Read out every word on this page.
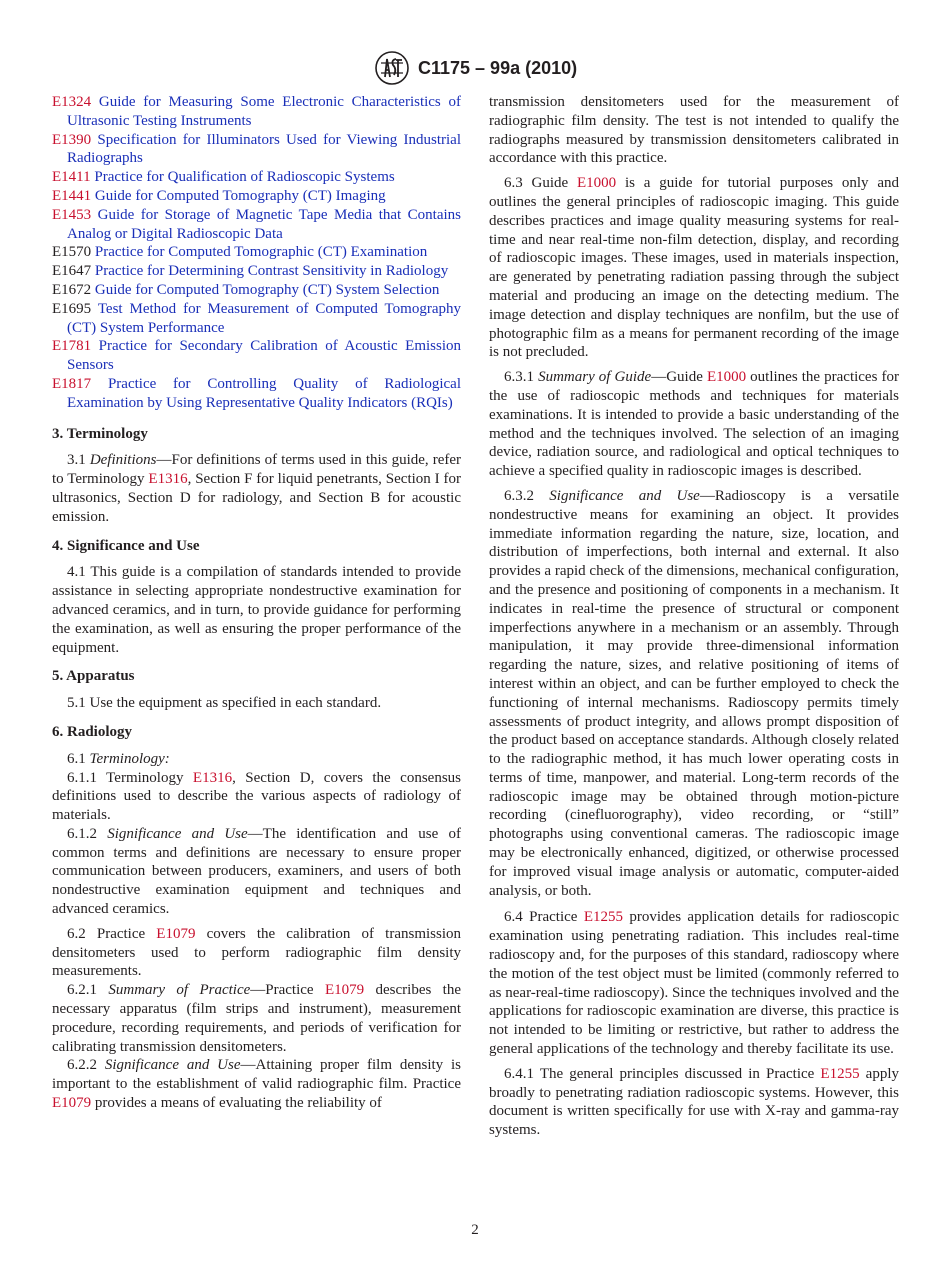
C1175 – 99a (2010)

E1324 Guide for Measuring Some Electronic Characteristics of Ultrasonic Testing Instruments

E1390 Specification for Illuminators Used for Viewing Industrial Radiographs

E1411 Practice for Qualification of Radioscopic Systems

E1441 Guide for Computed Tomography (CT) Imaging

E1453 Guide for Storage of Magnetic Tape Media that Contains Analog or Digital Radioscopic Data

E1570 Practice for Computed Tomographic (CT) Examination

E1647 Practice for Determining Contrast Sensitivity in Radiology

E1672 Guide for Computed Tomography (CT) System Selection

E1695 Test Method for Measurement of Computed Tomography (CT) System Performance

E1781 Practice for Secondary Calibration of Acoustic Emission Sensors

E1817 Practice for Controlling Quality of Radiological Examination by Using Representative Quality Indicators (RQIs)

3. Terminology

3.1 Definitions—For definitions of terms used in this guide, refer to Terminology E1316, Section F for liquid penetrants, Section I for ultrasonics, Section D for radiology, and Section B for acoustic emission.

4. Significance and Use

4.1 This guide is a compilation of standards intended to provide assistance in selecting appropriate nondestructive examination for advanced ceramics, and in turn, to provide guidance for performing the examination, as well as ensuring the proper performance of the equipment.

5. Apparatus

5.1 Use the equipment as specified in each standard.

6. Radiology

6.1 Terminology:

6.1.1 Terminology E1316, Section D, covers the consensus definitions used to describe the various aspects of radiology of materials.

6.1.2 Significance and Use—The identification and use of common terms and definitions are necessary to ensure proper communication between producers, examiners, and users of both nondestructive examination equipment and techniques and advanced ceramics.

6.2 Practice E1079 covers the calibration of transmission densitometers used to perform radiographic film density measurements.

6.2.1 Summary of Practice—Practice E1079 describes the necessary apparatus (film strips and instrument), measurement procedure, recording requirements, and periods of verification for calibrating transmission densitometers.

6.2.2 Significance and Use—Attaining proper film density is important to the establishment of valid radiographic film. Practice E1079 provides a means of evaluating the reliability of

transmission densitometers used for the measurement of radiographic film density. The test is not intended to qualify the radiographs measured by transmission densitometers calibrated in accordance with this practice.

6.3 Guide E1000 is a guide for tutorial purposes only and outlines the general principles of radioscopic imaging. This guide describes practices and image quality measuring systems for real-time and near real-time non-film detection, display, and recording of radioscopic images. These images, used in materials inspection, are generated by penetrating radiation passing through the subject material and producing an image on the detecting medium. The image detection and display techniques are nonfilm, but the use of photographic film as a means for permanent recording of the image is not precluded.

6.3.1 Summary of Guide—Guide E1000 outlines the practices for the use of radioscopic methods and techniques for materials examinations. It is intended to provide a basic understanding of the method and the techniques involved. The selection of an imaging device, radiation source, and radiological and optical techniques to achieve a specified quality in radioscopic images is described.

6.3.2 Significance and Use—Radioscopy is a versatile nondestructive means for examining an object. It provides immediate information regarding the nature, size, location, and distribution of imperfections, both internal and external. It also provides a rapid check of the dimensions, mechanical configuration, and the presence and positioning of components in a mechanism. It indicates in real-time the presence of structural or component imperfections anywhere in a mechanism or an assembly. Through manipulation, it may provide three-dimensional information regarding the nature, sizes, and relative positioning of items of interest within an object, and can be further employed to check the functioning of internal mechanisms. Radioscopy permits timely assessments of product integrity, and allows prompt disposition of the product based on acceptance standards. Although closely related to the radiographic method, it has much lower operating costs in terms of time, manpower, and material. Long-term records of the radioscopic image may be obtained through motion-picture recording (cinefluorography), video recording, or “still” photographs using conventional cameras. The radioscopic image may be electronically enhanced, digitized, or otherwise processed for improved visual image analysis or automatic, computer-aided analysis, or both.

6.4 Practice E1255 provides application details for radioscopic examination using penetrating radiation. This includes real-time radioscopy and, for the purposes of this standard, radioscopy where the motion of the test object must be limited (commonly referred to as near-real-time radioscopy). Since the techniques involved and the applications for radioscopic examination are diverse, this practice is not intended to be limiting or restrictive, but rather to address the general applications of the technology and thereby facilitate its use.

6.4.1 The general principles discussed in Practice E1255 apply broadly to penetrating radiation radioscopic systems. However, this document is written specifically for use with X-ray and gamma-ray systems.

2
